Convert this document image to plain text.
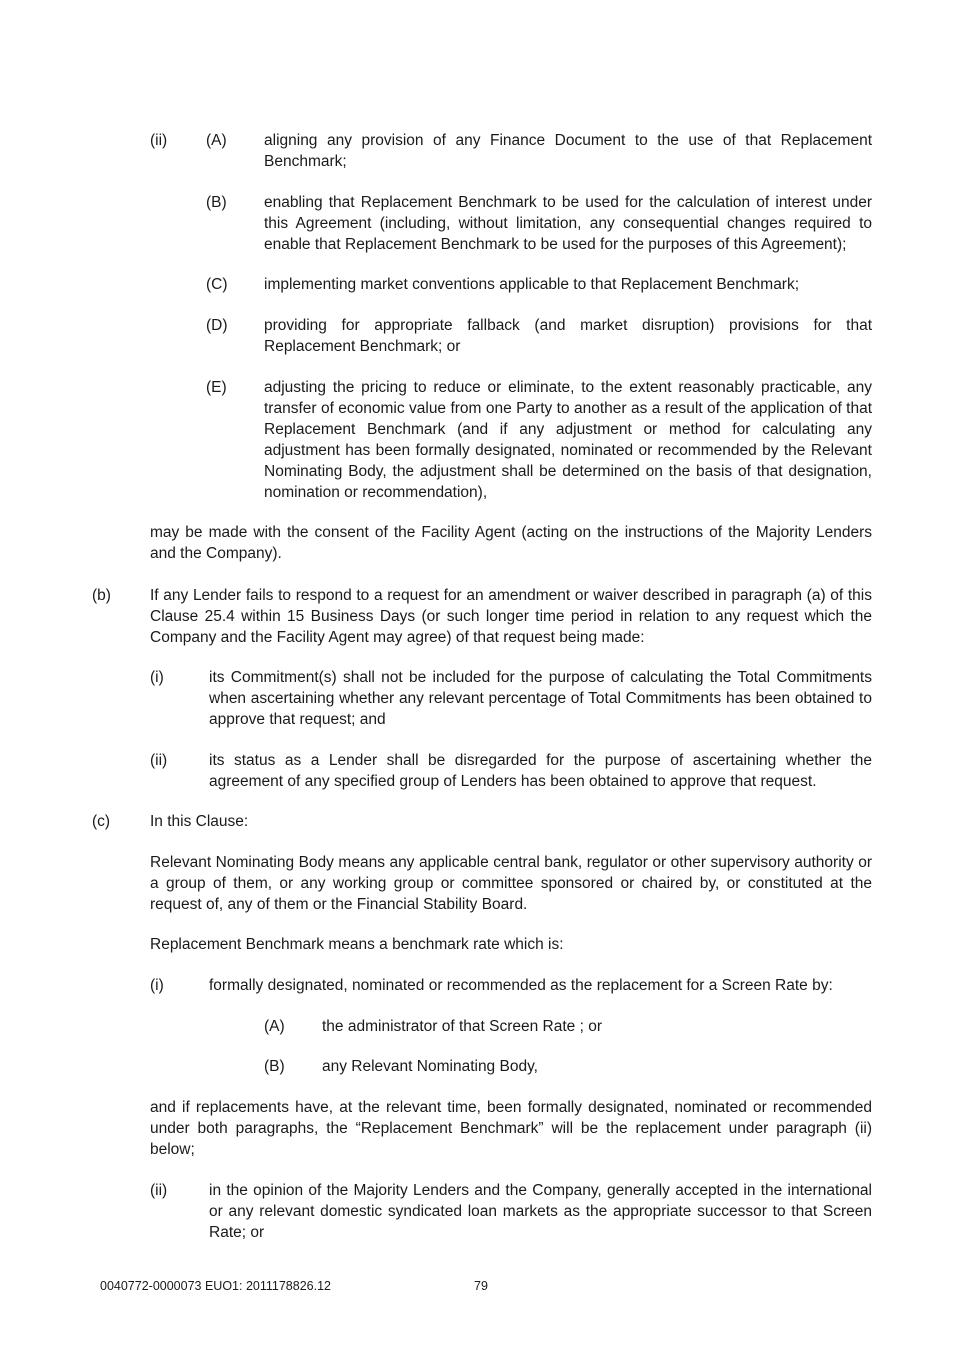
(ii)	(A) aligning any provision of any Finance Document to the use of that Replacement Benchmark;
(B) enabling that Replacement Benchmark to be used for the calculation of interest under this Agreement (including, without limitation, any consequential changes required to enable that Replacement Benchmark to be used for the purposes of this Agreement);
(C) implementing market conventions applicable to that Replacement Benchmark;
(D) providing for appropriate fallback (and market disruption) provisions for that Replacement Benchmark; or
(E) adjusting the pricing to reduce or eliminate, to the extent reasonably practicable, any transfer of economic value from one Party to another as a result of the application of that Replacement Benchmark (and if any adjustment or method for calculating any adjustment has been formally designated, nominated or recommended by the Relevant Nominating Body, the adjustment shall be determined on the basis of that designation, nomination or recommendation),
may be made with the consent of the Facility Agent (acting on the instructions of the Majority Lenders and the Company).
(b)	If any Lender fails to respond to a request for an amendment or waiver described in paragraph (a) of this Clause 25.4 within 15 Business Days (or such longer time period in relation to any request which the Company and the Facility Agent may agree) of that request being made:
(i)	its Commitment(s) shall not be included for the purpose of calculating the Total Commitments when ascertaining whether any relevant percentage of Total Commitments has been obtained to approve that request; and
(ii)	its status as a Lender shall be disregarded for the purpose of ascertaining whether the agreement of any specified group of Lenders has been obtained to approve that request.
(c)	In this Clause:
Relevant Nominating Body means any applicable central bank, regulator or other supervisory authority or a group of them, or any working group or committee sponsored or chaired by, or constituted at the request of, any of them or the Financial Stability Board.
Replacement Benchmark means a benchmark rate which is:
(i)	formally designated, nominated or recommended as the replacement for a Screen Rate by:
(A) the administrator of that Screen Rate ; or
(B) any Relevant Nominating Body,
and if replacements have, at the relevant time, been formally designated, nominated or recommended under both paragraphs, the “Replacement Benchmark” will be the replacement under paragraph (ii) below;
(ii)	in the opinion of the Majority Lenders and the Company, generally accepted in the international or any relevant domestic syndicated loan markets as the appropriate successor to that Screen Rate; or
0040772-0000073 EUO1: 2011178826.12	79
